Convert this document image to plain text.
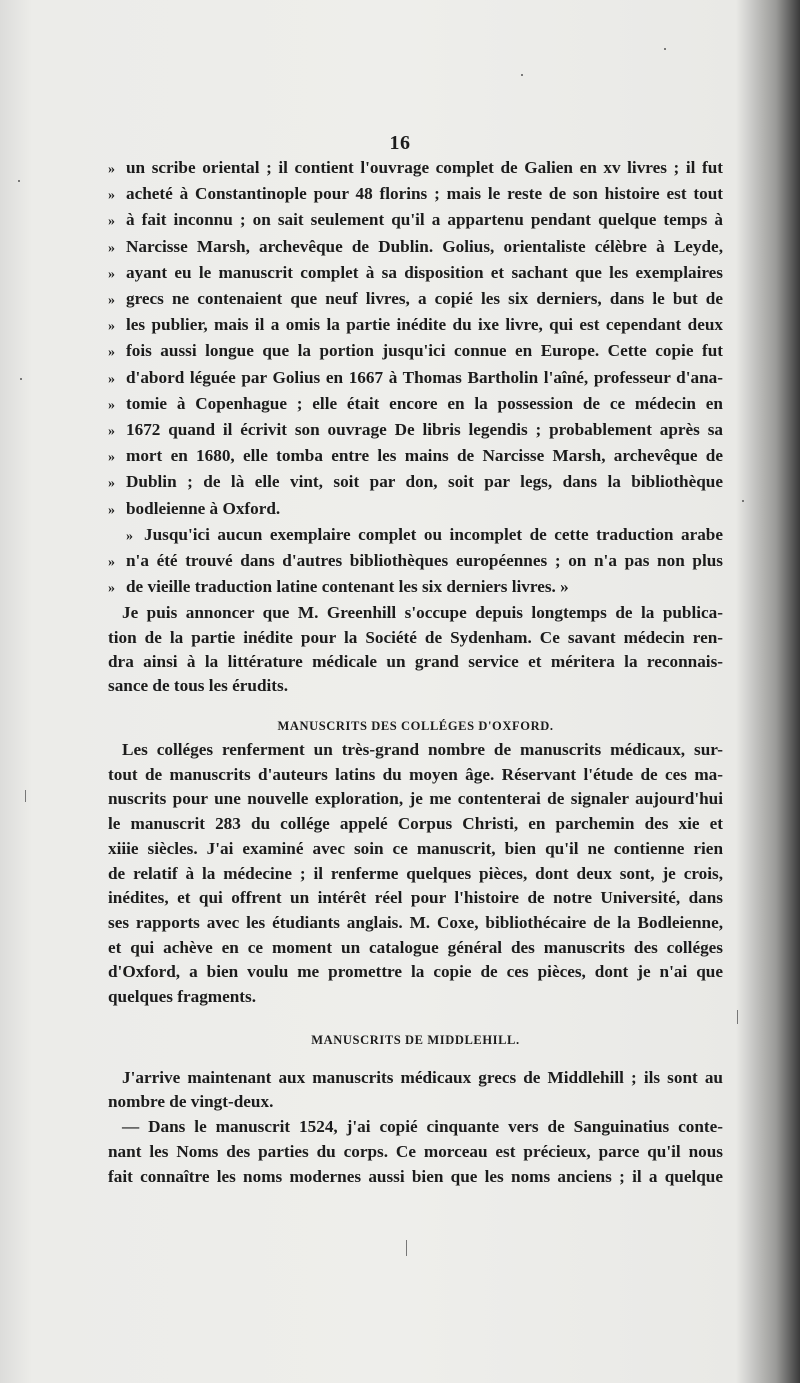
16
» un scribe oriental ; il contient l'ouvrage complet de Galien en xv livres ; il fut
» acheté à Constantinople pour 48 florins ; mais le reste de son histoire est tout
» à fait inconnu ; on sait seulement qu'il a appartenu pendant quelque temps à
» Narcisse Marsh, archevêque de Dublin. Golius, orientaliste célèbre à Leyde,
» ayant eu le manuscrit complet à sa disposition et sachant que les exemplaires
» grecs ne contenaient que neuf livres, a copié les six derniers, dans le but de
» les publier, mais il a omis la partie inédite du ixe livre, qui est cependant deux
» fois aussi longue que la portion jusqu'ici connue en Europe. Cette copie fut
» d'abord léguée par Golius en 1667 à Thomas Bartholin l'aîné, professeur d'ana-
» tomie à Copenhague ; elle était encore en la possession de ce médecin en
» 1672 quand il écrivit son ouvrage De libris legendis ; probablement après sa
» mort en 1680, elle tomba entre les mains de Narcisse Marsh, archevêque de
» Dublin ; de là elle vint, soit par don, soit par legs, dans la bibliothèque
» bodleienne à Oxford.
» Jusqu'ici aucun exemplaire complet ou incomplet de cette traduction arabe
» n'a été trouvé dans d'autres bibliothèques européennes ; on n'a pas non plus
» de vieille traduction latine contenant les six derniers livres. »
Je puis annoncer que M. Greenhill s'occupe depuis longtemps de la publica-
tion de la partie inédite pour la Société de Sydenham. Ce savant médecin ren-
dra ainsi à la littérature médicale un grand service et méritera la reconnais-
sance de tous les érudits.
MANUSCRITS DES COLLÉGES D'OXFORD.
Les colléges renferment un très-grand nombre de manuscrits médicaux, sur-
tout de manuscrits d'auteurs latins du moyen âge. Réservant l'étude de ces ma-
nuscrits pour une nouvelle exploration, je me contenterai de signaler aujourd'hui
le manuscrit 283 du collége appelé Corpus Christi, en parchemin des xie et
xiiie siècles. J'ai examiné avec soin ce manuscrit, bien qu'il ne contienne rien
de relatif à la médecine ; il renferme quelques pièces, dont deux sont, je crois,
inédites, et qui offrent un intérêt réel pour l'histoire de notre Université, dans
ses rapports avec les étudiants anglais. M. Coxe, bibliothécaire de la Bodleienne,
et qui achève en ce moment un catalogue général des manuscrits des colléges
d'Oxford, a bien voulu me promettre la copie de ces pièces, dont je n'ai que
quelques fragments.
MANUSCRITS DE MIDDLEHILL.
J'arrive maintenant aux manuscrits médicaux grecs de Middlehill ; ils sont au
nombre de vingt-deux.
— Dans le manuscrit 1524, j'ai copié cinquante vers de Sanguinatius conte-
nant les Noms des parties du corps. Ce morceau est précieux, parce qu'il nous
fait connaître les noms modernes aussi bien que les noms anciens ; il a quelque
